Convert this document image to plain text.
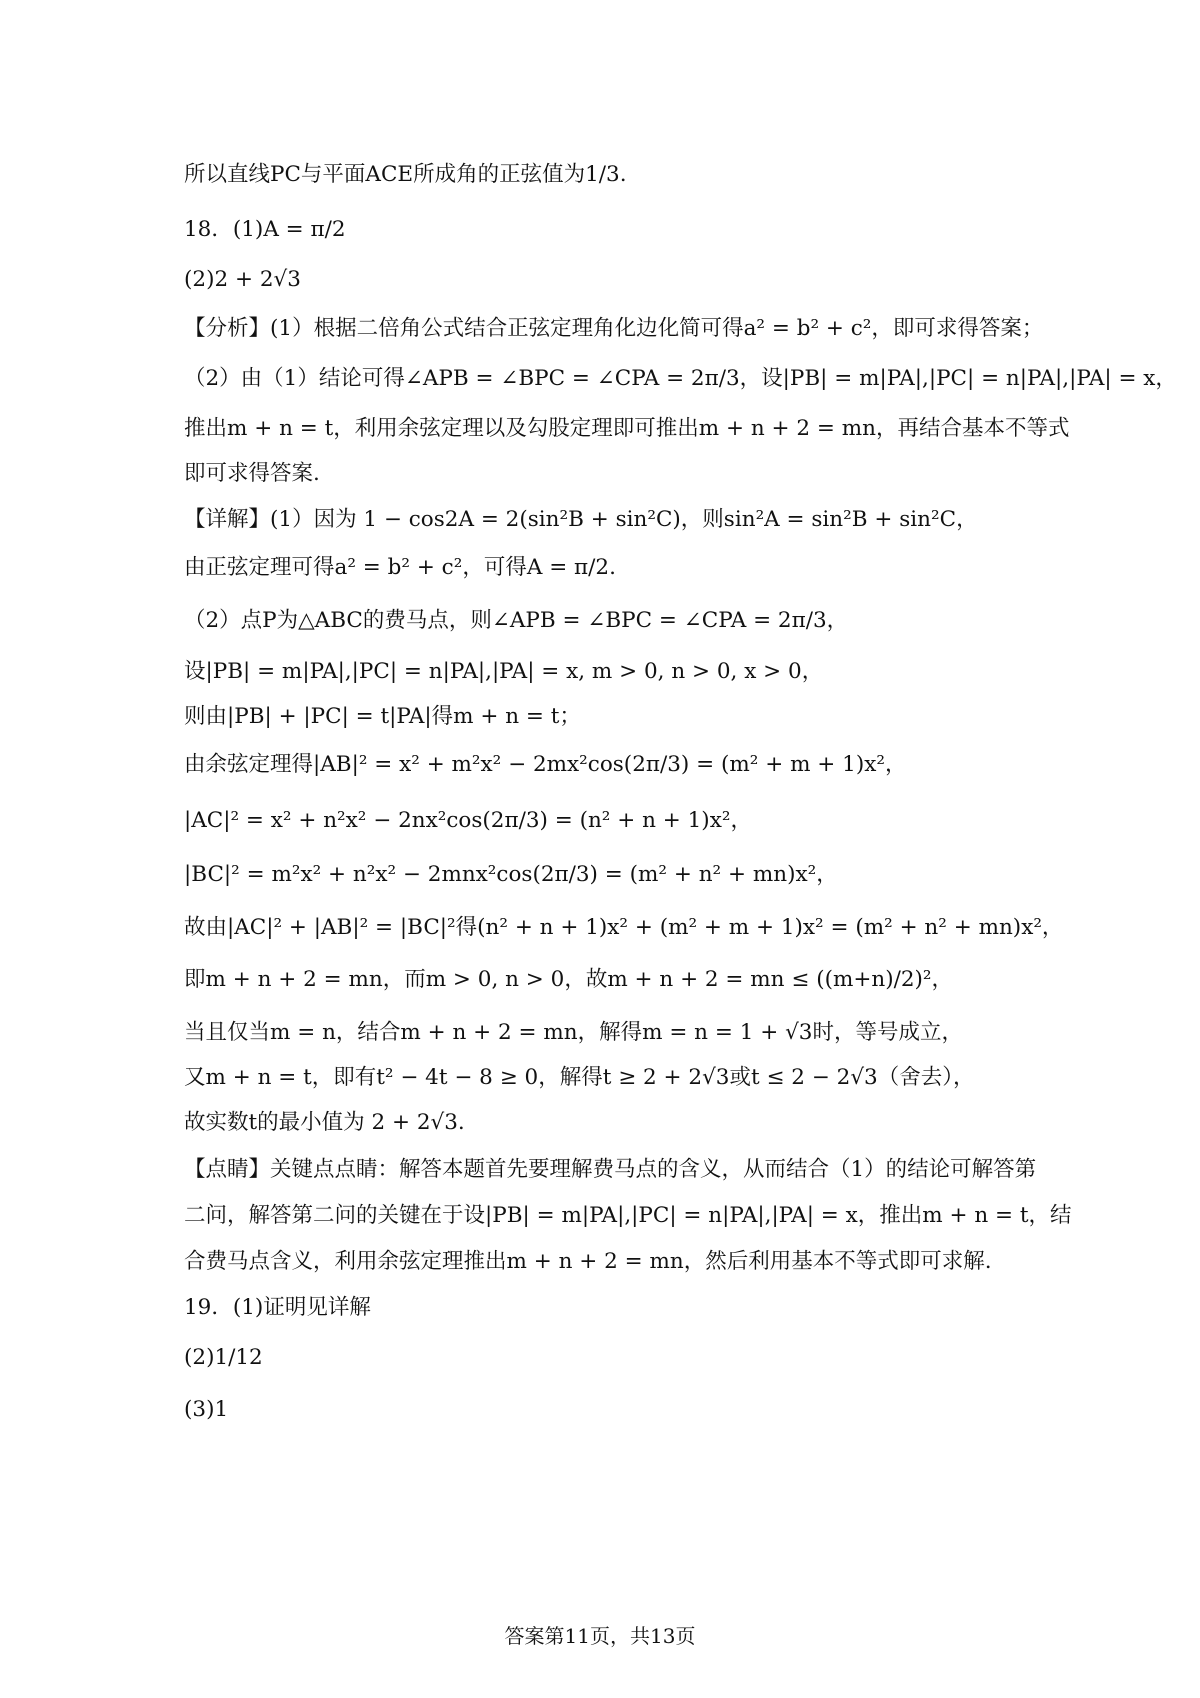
所以直线PC与平面ACE所成角的正弦值为1/3.
18．(1)A = π/2
(2)2 + 2√3
【分析】(1）根据二倍角公式结合正弦定理角化边化简可得a² = b² + c²，即可求得答案；
（2）由（1）结论可得∠APB = ∠BPC = ∠CPA = 2π/3，设|PB| = m|PA|,|PC| = n|PA|,|PA| = x，
推出m + n = t，利用余弦定理以及勾股定理即可推出m + n + 2 = mn，再结合基本不等式
即可求得答案.
【详解】(1）因为 1 − cos2A = 2(sin²B + sin²C)，则sin²A = sin²B + sin²C，
由正弦定理可得a² = b² + c²，可得A = π/2.
（2）点P为△ABC的费马点，则∠APB = ∠BPC = ∠CPA = 2π/3，
设|PB| = m|PA|,|PC| = n|PA|,|PA| = x, m > 0, n > 0, x > 0，
则由|PB| + |PC| = t|PA|得m + n = t；
由余弦定理得|AB|² = x² + m²x² − 2mx²cos(2π/3) = (m² + m + 1)x²，
|AC|² = x² + n²x² − 2nx²cos(2π/3) = (n² + n + 1)x²，
|BC|² = m²x² + n²x² − 2mnx²cos(2π/3) = (m² + n² + mn)x²，
故由|AC|² + |AB|² = |BC|²得(n² + n + 1)x² + (m² + m + 1)x² = (m² + n² + mn)x²，
即m + n + 2 = mn，而m > 0, n > 0，故m + n + 2 = mn ≤ ((m+n)/2)²，
当且仅当m = n，结合m + n + 2 = mn，解得m = n = 1 + √3时，等号成立，
又m + n = t，即有t² − 4t − 8 ≥ 0，解得t ≥ 2 + 2√3或t ≤ 2 − 2√3（舍去），
故实数t的最小值为 2 + 2√3.
【点睛】关键点点睛：解答本题首先要理解费马点的含义，从而结合（1）的结论可解答第
二问，解答第二问的关键在于设|PB| = m|PA|,|PC| = n|PA|,|PA| = x，推出m + n = t，结
合费马点含义，利用余弦定理推出m + n + 2 = mn，然后利用基本不等式即可求解.
19．(1)证明见详解
(2)1/12
(3)1
答案第11页，共13页
